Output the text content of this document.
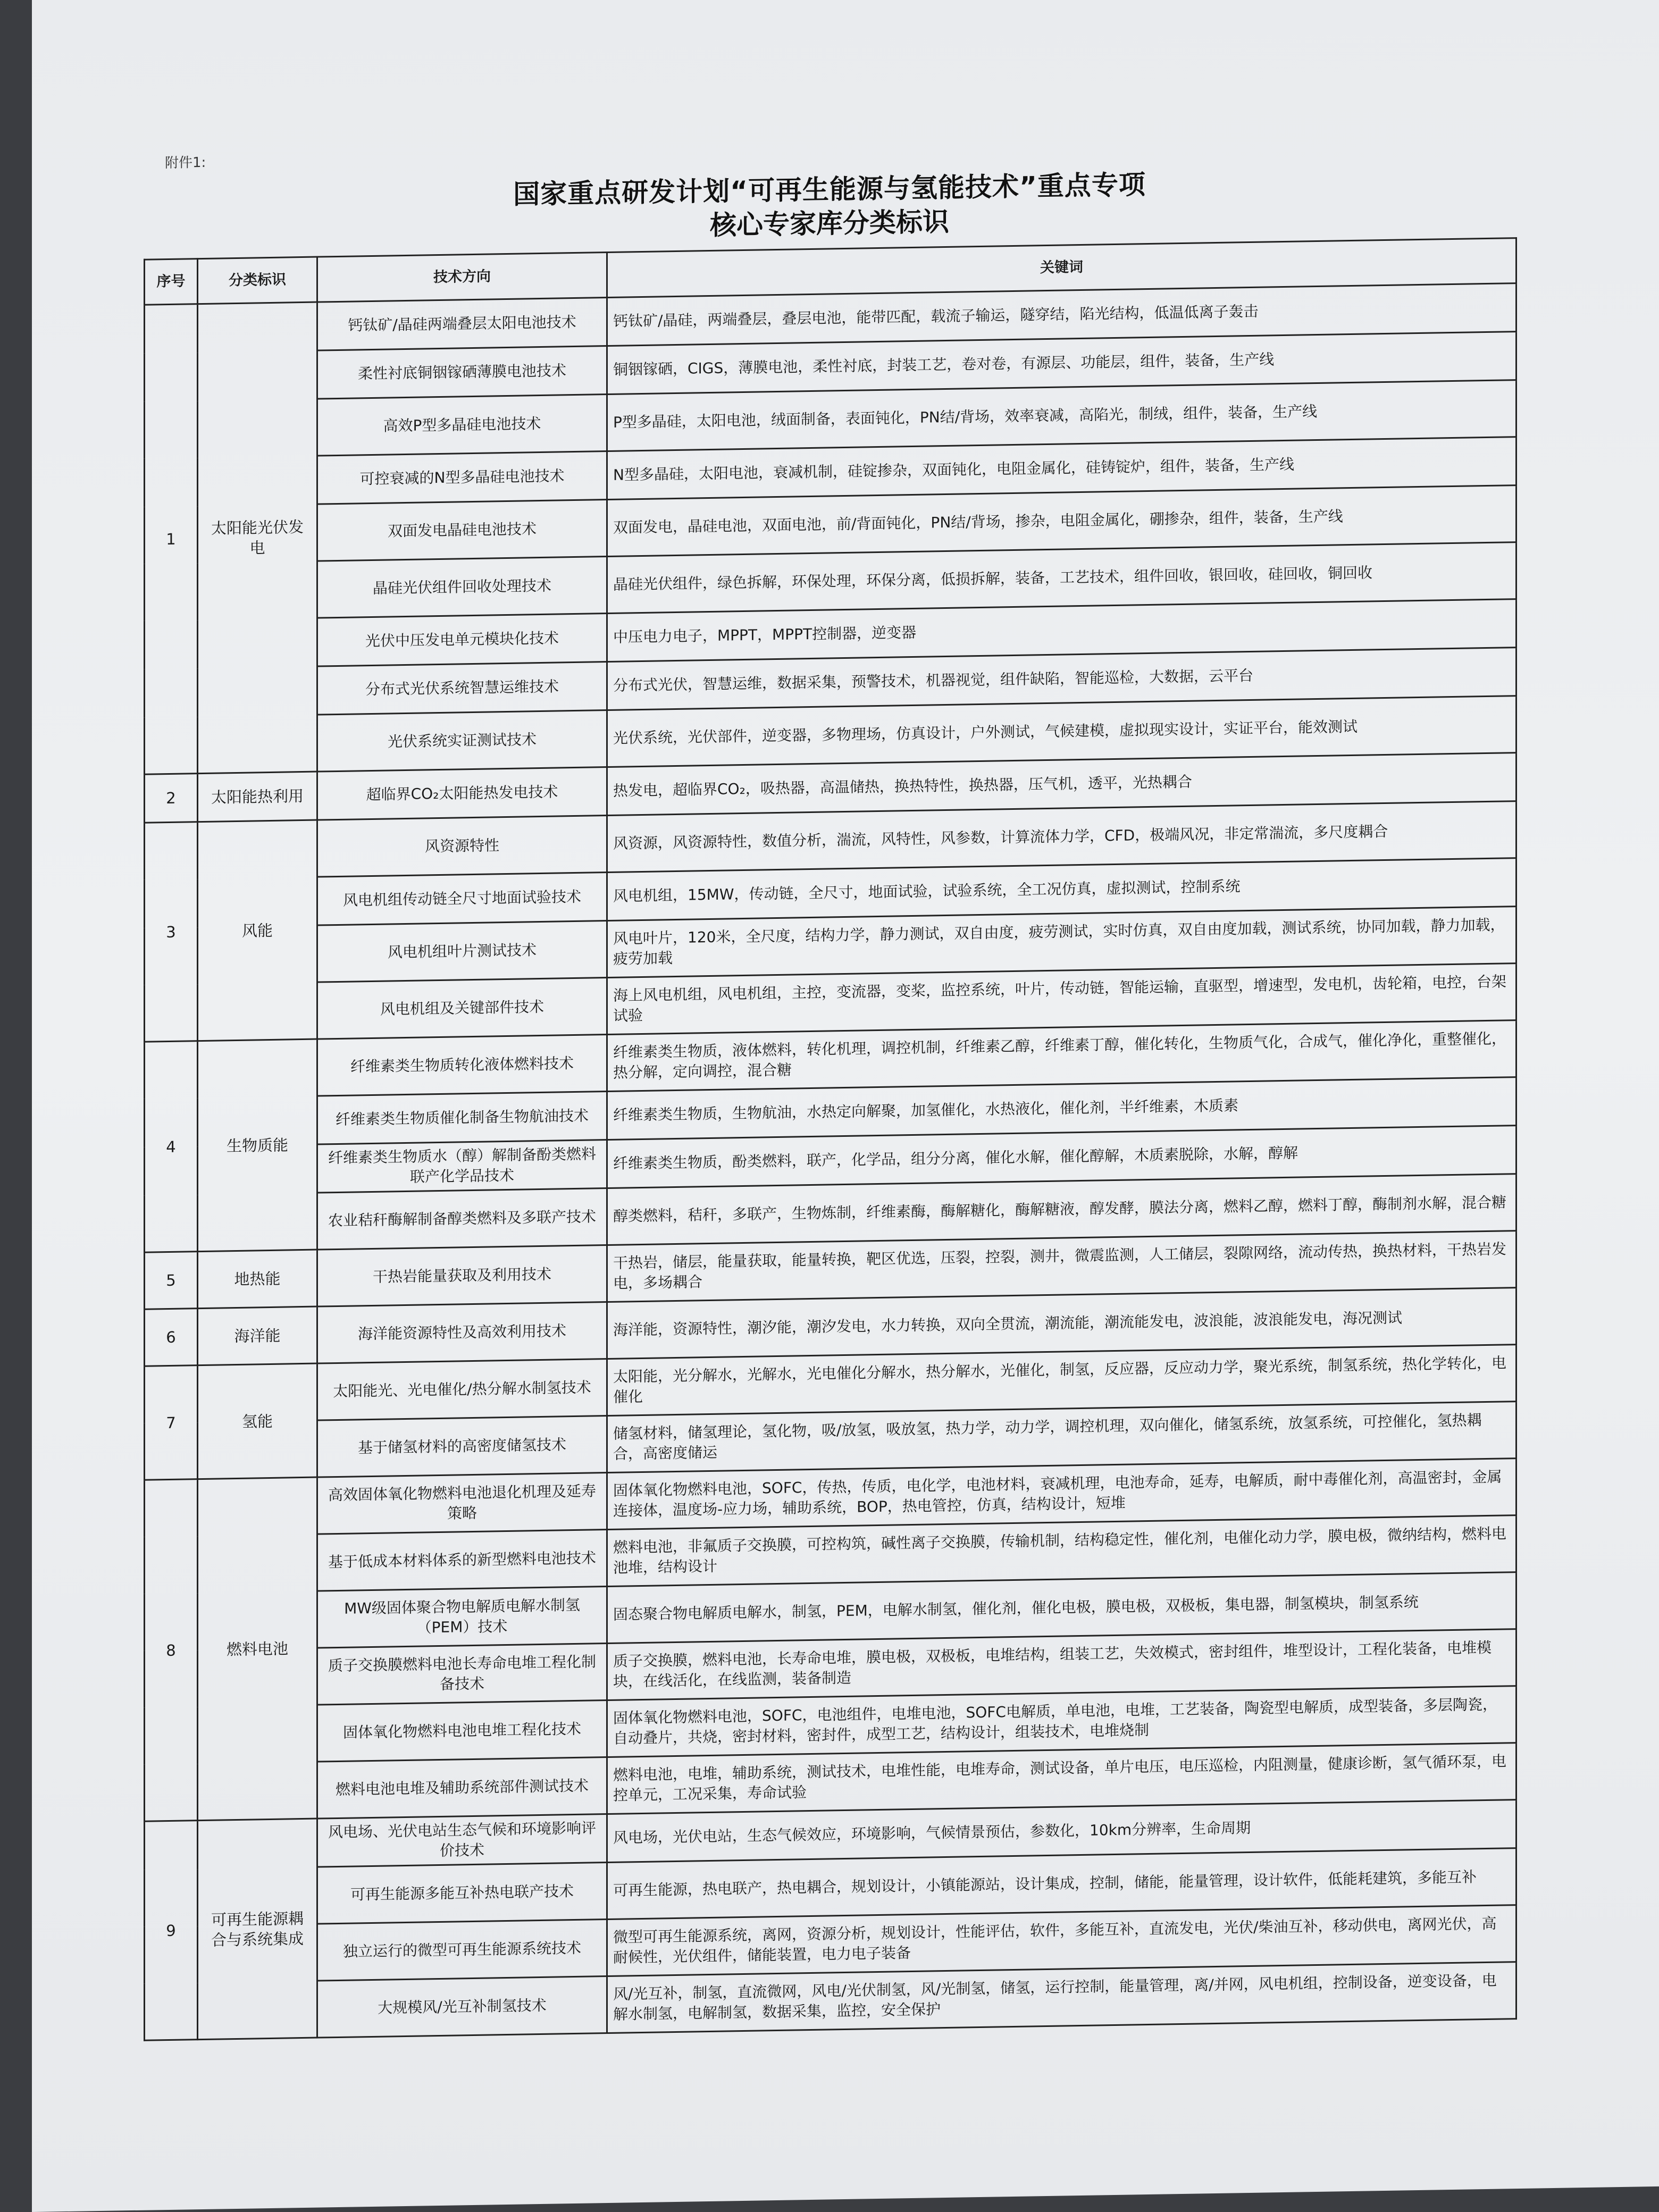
附件1:
国家重点研发计划“可再生能源与氢能技术”重点专项
核心专家库分类标识
序号	分类标识	技术方向	关键词
1	太阳能光伏发电	钙钛矿/晶硅两端叠层太阳电池技术	钙钛矿/晶硅，两端叠层，叠层电池，能带匹配，载流子输运，隧穿结，陷光结构，低温低离子轰击
		柔性衬底铜铟镓硒薄膜电池技术	铜铟镓硒，CIGS，薄膜电池，柔性衬底，封装工艺，卷对卷，有源层、功能层，组件，装备，生产线
		高效P型多晶硅电池技术	P型多晶硅，太阳电池，绒面制备，表面钝化，PN结/背场，效率衰减，高陷光，制绒，组件，装备，生产线
		可控衰减的N型多晶硅电池技术	N型多晶硅，太阳电池，衰减机制，硅锭掺杂，双面钝化，电阻金属化，硅铸锭炉，组件，装备，生产线
		双面发电晶硅电池技术	双面发电，晶硅电池，双面电池，前/背面钝化，PN结/背场，掺杂，电阻金属化，硼掺杂，组件，装备，生产线
		晶硅光伏组件回收处理技术	晶硅光伏组件，绿色拆解，环保处理，环保分离，低损拆解，装备，工艺技术，组件回收，银回收，硅回收，铜回收
		光伏中压发电单元模块化技术	中压电力电子，MPPT，MPPT控制器，逆变器
		分布式光伏系统智慧运维技术	分布式光伏，智慧运维，数据采集，预警技术，机器视觉，组件缺陷，智能巡检，大数据，云平台
		光伏系统实证测试技术	光伏系统，光伏部件，逆变器，多物理场，仿真设计，户外测试，气候建模，虚拟现实设计，实证平台，能效测试
2	太阳能热利用	超临界CO₂太阳能热发电技术	热发电，超临界CO₂，吸热器，高温储热，换热特性，换热器，压气机，透平，光热耦合
3	风能	风资源特性	风资源，风资源特性，数值分析，湍流，风特性，风参数，计算流体力学，CFD，极端风况，非定常湍流，多尺度耦合
		风电机组传动链全尺寸地面试验技术	风电机组，15MW，传动链，全尺寸，地面试验，试验系统，全工况仿真，虚拟测试，控制系统
		风电机组叶片测试技术	风电叶片，120米，全尺度，结构力学，静力测试，双自由度，疲劳测试，实时仿真，双自由度加载，测试系统，协同加载，静力加载，疲劳加载
		风电机组及关键部件技术	海上风电机组，风电机组，主控，变流器，变桨，监控系统，叶片，传动链，智能运输，直驱型，增速型，发电机，齿轮箱，电控，台架试验
4	生物质能	纤维素类生物质转化液体燃料技术	纤维素类生物质，液体燃料，转化机理，调控机制，纤维素乙醇，纤维素丁醇，催化转化，生物质气化，合成气，催化净化，重整催化，热分解，定向调控，混合糖
		纤维素类生物质催化制备生物航油技术	纤维素类生物质，生物航油，水热定向解聚，加氢催化，水热液化，催化剂，半纤维素，木质素
		纤维素类生物质水（醇）解制备酚类燃料联产化学品技术	纤维素类生物质，酚类燃料，联产，化学品，组分分离，催化水解，催化醇解，木质素脱除，水解，醇解
		农业秸秆酶解制备醇类燃料及多联产技术	醇类燃料，秸秆，多联产，生物炼制，纤维素酶，酶解糖化，酶解糖液，醇发酵，膜法分离，燃料乙醇，燃料丁醇，酶制剂水解，混合糖
5	地热能	干热岩能量获取及利用技术	干热岩，储层，能量获取，能量转换，靶区优选，压裂，控裂，测井，微震监测，人工储层，裂隙网络，流动传热，换热材料，干热岩发电，多场耦合
6	海洋能	海洋能资源特性及高效利用技术	海洋能，资源特性，潮汐能，潮汐发电，水力转换，双向全贯流，潮流能，潮流能发电，波浪能，波浪能发电，海况测试
7	氢能	太阳能光、光电催化/热分解水制氢技术	太阳能，光分解水，光解水，光电催化分解水，热分解水，光催化，制氢，反应器，反应动力学，聚光系统，制氢系统，热化学转化，电催化
		基于储氢材料的高密度储氢技术	储氢材料，储氢理论，氢化物，吸/放氢，吸放氢，热力学，动力学，调控机理，双向催化，储氢系统，放氢系统，可控催化，氢热耦合，高密度储运
8	燃料电池	高效固体氧化物燃料电池退化机理及延寿策略	固体氧化物燃料电池，SOFC，传热，传质，电化学，电池材料，衰减机理，电池寿命，延寿，电解质，耐中毒催化剂，高温密封，金属连接体，温度场-应力场，辅助系统，BOP，热电管控，仿真，结构设计，短堆
		基于低成本材料体系的新型燃料电池技术	燃料电池，非氟质子交换膜，可控构筑，碱性离子交换膜，传输机制，结构稳定性，催化剂，电催化动力学，膜电极，微纳结构，燃料电池堆，结构设计
		MW级固体聚合物电解质电解水制氢（PEM）技术	固态聚合物电解质电解水，制氢，PEM，电解水制氢，催化剂，催化电极，膜电极，双极板，集电器，制氢模块，制氢系统
		质子交换膜燃料电池长寿命电堆工程化制备技术	质子交换膜，燃料电池，长寿命电堆，膜电极，双极板，电堆结构，组装工艺，失效模式，密封组件，堆型设计，工程化装备，电堆模块，在线活化，在线监测，装备制造
		固体氧化物燃料电池电堆工程化技术	固体氧化物燃料电池，SOFC，电池组件，电堆电池，SOFC电解质，单电池，电堆，工艺装备，陶瓷型电解质，成型装备，多层陶瓷，自动叠片，共烧，密封材料，密封件，成型工艺，结构设计，组装技术，电堆烧制
		燃料电池电堆及辅助系统部件测试技术	燃料电池，电堆，辅助系统，测试技术，电堆性能，电堆寿命，测试设备，单片电压，电压巡检，内阻测量，健康诊断，氢气循环泵，电控单元，工况采集，寿命试验
9	可再生能源耦合与系统集成	风电场、光伏电站生态气候和环境影响评价技术	风电场，光伏电站，生态气候效应，环境影响，气候情景预估，参数化，10km分辨率，生命周期
		可再生能源多能互补热电联产技术	可再生能源，热电联产，热电耦合，规划设计，小镇能源站，设计集成，控制，储能，能量管理，设计软件，低能耗建筑，多能互补
		独立运行的微型可再生能源系统技术	微型可再生能源系统，离网，资源分析，规划设计，性能评估，软件，多能互补，直流发电，光伏/柴油互补，移动供电，离网光伏，高耐候性，光伏组件，储能装置，电力电子装备
		大规模风/光互补制氢技术	风/光互补，制氢，直流微网，风电/光伏制氢，风/光制氢，储氢，运行控制，能量管理，离/并网，风电机组，控制设备，逆变设备，电解水制氢，电解制氢，数据采集，监控，安全保护
